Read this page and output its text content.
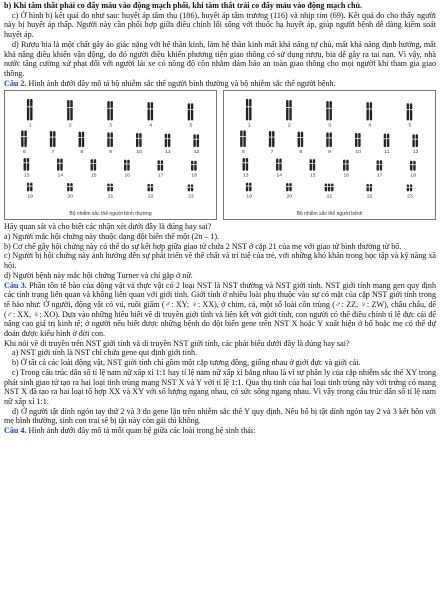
b) Khi tâm thất phải co đẩy máu vào động mạch phổi, khi tâm thất trái co đẩy máu vào động mạch chủ.

c) Ở hình b) kết quả đo như sau: huyết áp tâm thu (186), huyết áp tâm trương (116) và nhịp tim (69). Kết quả đo cho thấy người này bị huyết áp thấp. Người này cần phối hợp giữa điều chỉnh lối sống với thuốc hạ huyết áp, giúp người bệnh dễ dàng kiểm soát huyết áp.

d) Rượu bia là một chất gây ảo giác nặng với hệ thần kinh, làm hệ thần kinh mất khả năng tự chủ, mất khả năng định hướng, mất khả năng điều khiển vận động, do đó người điều khiển phương tiện giao thông có sử dụng rượu, bia dễ gây ra tai nạn. Vì vậy, nhà nước tăng cường xử phạt đối với người lái xe có nồng độ cồn nhằm đảm bảo an toàn giao thông cho mọi người khi tham gia giao thông.

Câu 2. Hình ảnh dưới đây mô tả bộ nhiễm sắc thể người bình thường và bộ nhiễm sắc thể người bệnh.

1	2	3	4	5
6	7	8	9	10	11	12
13	14	15	16	17	18
19	20	21	22	23
Bộ nhiễm sắc thể người bình thường
1	2	3	4	5
6	7	8	9	10	11	12
13	14	15	16	17	18
19	20	21	22	23
Bộ nhiễm sắc thể người bệnh

Hãy quan sát và cho biết các nhận xét dưới đây là đúng hay sai?

a) Người mắc hội chứng này thuộc dạng đột biến thể một (2n – 1).

b) Cơ chế gây hội chứng này có thể do sự kết hợp giữa giao tử chứa 2 NST ở cặp 21 của mẹ với giao tử bình thường từ bố.

c) Người bị hội chứng này ảnh hưởng đến sự phát triển về thể chất và trí tuệ của trẻ, với những khó khăn trong học tập và kỹ năng xã hội.

d) Người bệnh này mắc hội chứng Turner và chỉ gặp ở nữ.

Câu 3. Phân tôn tế bào của động vật và thực vật có 2 loại NST là NST thường và NST giới tính. NST giới tính mang gen quy định các tính trạng liên quan và không liên quan với giới tính. Giới tính ở nhiều loài phụ thuộc vào sự có mặt của cặp NST giới tính trong tế bào như: Ở người, động vật có vú, ruồi giấm (♂: XY; ♀: XX), ở chim, cá, một số loài côn trùng (♂: ZZ, ♀: ZW), châu chấu, dế (♂: XX, ♀: XO). Dựa vào những hiểu biết về di truyền giới tính và liên kết với giới tính, con người có thể điều chỉnh tỉ lệ đực cái để nâng cao giá trị kinh tế; ở người nếu biết được những bệnh do đột biến gene trên NST X hoặc Y xuất hiện ở bố hoặc mẹ có thể dự đoán được kiểu hình ở đời con.

Khi nói về di truyền trên NST giới tính và di truyền NST giới tính, các phát biểu dưới đây là đúng hay sai?

a) NST giới tính là NST chỉ chứa gene qui định giới tính.

b) Ở tất cả các loài động vật, NST giới tính chỉ gồm một cặp tương đồng, giống nhau ở giới đực và giới cái.

c) Trong cấu trúc dân số tỉ lệ nam nữ xấp xỉ 1:1 hay tỉ lệ nam nữ xấp xỉ bằng nhau là vì sự phân ly của cặp nhiễm sắc thể XY trong phát sinh giao tử tạo ra hai loại tinh trùng mang NST X và Y với tỉ lệ 1:1. Qua thụ tinh của hai loại tinh trùng này với trứng có mang NST X đã tạo ra hai loại tổ hợp XX và XY với số lượng ngang nhau, có sức sống ngang nhau. Vì vậy trong cấu trúc dân số tỉ lệ nam nữ xấp xỉ 1:1.

d) Ở người tật dính ngón tay thứ 2 và 3 do gene lặn trên nhiễm sắc thể Y quy định. Nếu bố bị tật dính ngón tay 2 và 3 kết hôn với mẹ bình thường, sinh con trai sẽ bị tật này còn gái thì không.

Câu 4. Hình ảnh dưới đây mô tả mối quan hệ giữa các loài trong hệ sinh thái:
